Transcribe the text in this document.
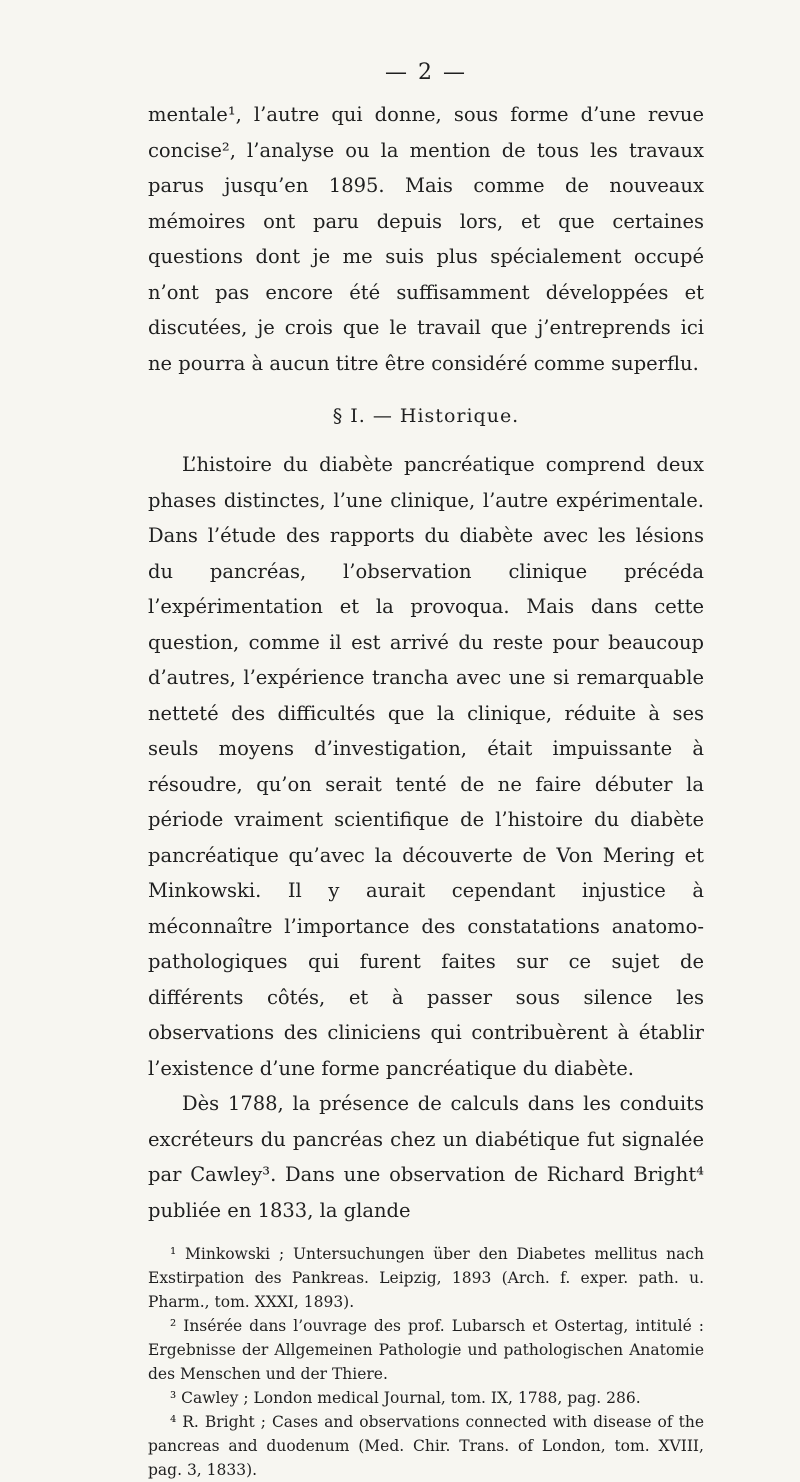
— 2 —

mentale¹, l’autre qui donne, sous forme d’une revue concise², l’analyse ou la mention de tous les travaux parus jusqu’en 1895. Mais comme de nouveaux mémoires ont paru depuis lors, et que certaines questions dont je me suis plus spécialement occupé n’ont pas encore été suffisamment développées et discutées, je crois que le travail que j’entreprends ici ne pourra à aucun titre être considéré comme superflu.

§ I. — Historique.

L’histoire du diabète pancréatique comprend deux phases distinctes, l’une clinique, l’autre expérimentale. Dans l’étude des rapports du diabète avec les lésions du pancréas, l’observation clinique précéda l’expérimentation et la provoqua. Mais dans cette question, comme il est arrivé du reste pour beaucoup d’autres, l’expérience trancha avec une si remarquable netteté des difficultés que la clinique, réduite à ses seuls moyens d’investigation, était impuissante à résoudre, qu’on serait tenté de ne faire débuter la période vraiment scientifique de l’histoire du diabète pancréatique qu’avec la découverte de Von Mering et Minkowski. Il y aurait cependant injustice à méconnaître l’importance des constatations anatomo-pathologiques qui furent faites sur ce sujet de différents côtés, et à passer sous silence les observations des cliniciens qui contribuèrent à établir l’existence d’une forme pancréatique du diabète.

Dès 1788, la présence de calculs dans les conduits excréteurs du pancréas chez un diabétique fut signalée par Cawley³. Dans une observation de Richard Bright⁴ publiée en 1833, la glande

¹ Minkowski ; Untersuchungen über den Diabetes mellitus nach Exstirpation des Pankreas. Leipzig, 1893 (Arch. f. exper. path. u. Pharm., tom. XXXI, 1893).

² Insérée dans l’ouvrage des prof. Lubarsch et Ostertag, intitulé : Ergebnisse der Allgemeinen Pathologie und pathologischen Anatomie des Menschen und der Thiere.

³ Cawley ; London medical Journal, tom. IX, 1788, pag. 286.

⁴ R. Bright ; Cases and observations connected with disease of the pancreas and duodenum (Med. Chir. Trans. of London, tom. XVIII, pag. 3, 1833).
